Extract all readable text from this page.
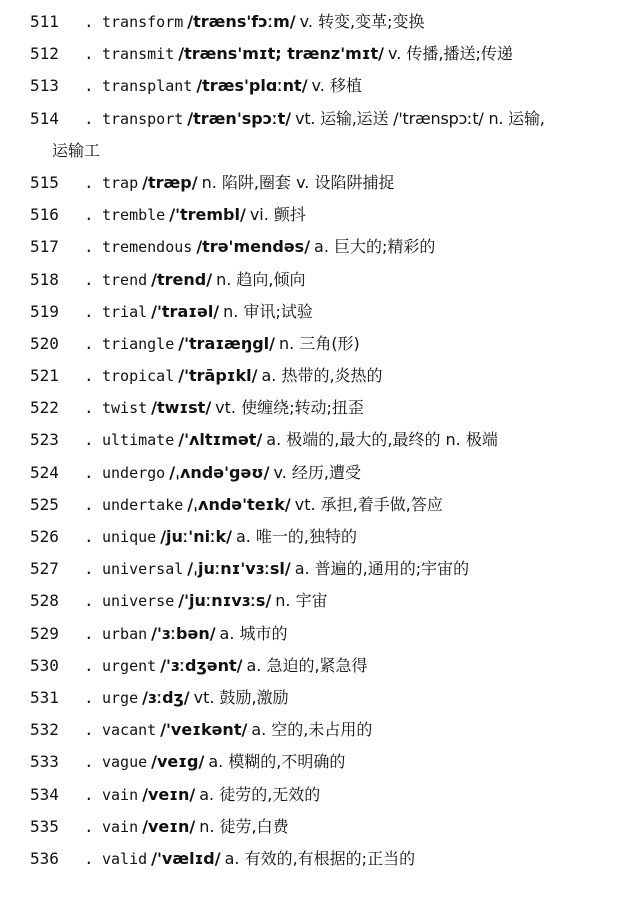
511 . transform /træns'fɔːm/ v. 转变,变革;变换
512 . transmit /træns'mɪt; trænz'mɪt/ v. 传播,播送;传递
513 . transplant /træs'plɑːnt/ v. 移植
514 . transport /træn'spɔːt/ vt. 运输,运送 /'trænspɔːt/ n. 运输,
运输工
515 . trap /træp/ n. 陷阱,圈套 v. 设陷阱捕捉
516 . tremble /'trembl/ vi. 颤抖
517 . tremendous /trə'mendəs/ a. 巨大的;精彩的
518 . trend /trend/ n. 趋向,倾向
519 . trial /'traɪəl/ n. 审讯;试验
520 . triangle /'traɪæŋgl/ n. 三角(形)
521 . tropical /'trāpɪkl/ a. 热带的,炎热的
522 . twist /twɪst/ vt. 使缠绕;转动;扭歪
523 . ultimate /'ʌltɪmət/ a. 极端的,最大的,最终的 n. 极端
524 . undergo /ˌʌndə'gəʊ/ v. 经历,遭受
525 . undertake /ˌʌndə'teɪk/ vt. 承担,着手做,答应
526 . unique /juː'niːk/ a. 唯一的,独特的
527 . universal /ˌjuːnɪ'vɜːsl/ a. 普遍的,通用的;宇宙的
528 . universe /'juːnɪvɜːs/ n. 宇宙
529 . urban /'ɜːbən/ a. 城市的
530 . urgent /'ɜːdʒənt/ a. 急迫的,紧急得
531 . urge /ɜːdʒ/ vt. 鼓励,激励
532 . vacant /'veɪkənt/ a. 空的,未占用的
533 . vague /veɪg/ a. 模糊的,不明确的
534 . vain /veɪn/ a. 徒劳的,无效的
535 . vain /veɪn/ n. 徒劳,白费
536 . valid /'vælɪd/ a. 有效的,有根据的;正当的
